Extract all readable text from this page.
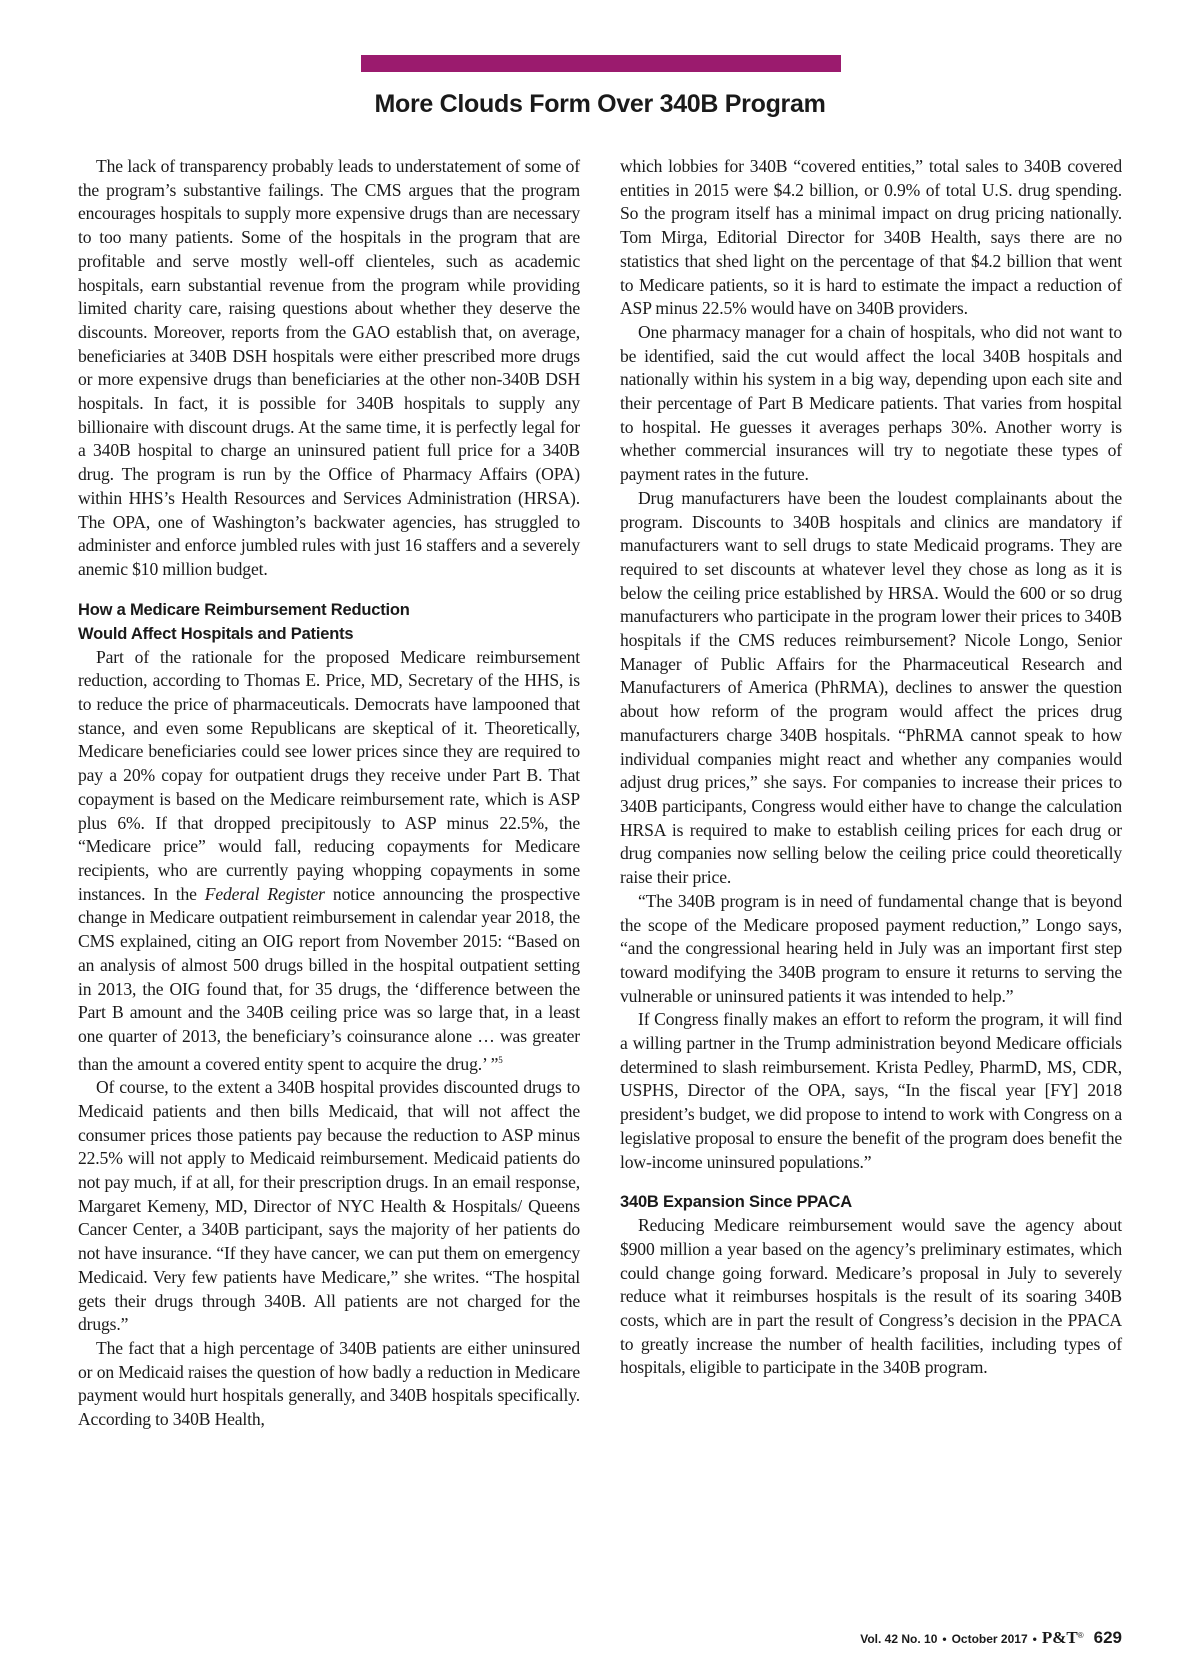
More Clouds Form Over 340B Program

The lack of transparency probably leads to understatement of some of the program’s substantive failings. The CMS argues that the program encourages hospitals to supply more expensive drugs than are necessary to too many patients. Some of the hospitals in the program that are profitable and serve mostly well-off clienteles, such as academic hospitals, earn substantial revenue from the program while providing limited charity care, raising questions about whether they deserve the discounts. Moreover, reports from the GAO establish that, on average, beneficiaries at 340B DSH hospitals were either prescribed more drugs or more expensive drugs than beneficiaries at the other non-340B DSH hospitals. In fact, it is possible for 340B hospitals to supply any billionaire with discount drugs. At the same time, it is perfectly legal for a 340B hospital to charge an uninsured patient full price for a 340B drug. The program is run by the Office of Pharmacy Affairs (OPA) within HHS’s Health Resources and Services Administration (HRSA). The OPA, one of Washington’s backwater agencies, has struggled to administer and enforce jumbled rules with just 16 staffers and a severely anemic $10 million budget.

How a Medicare Reimbursement Reduction
Would Affect Hospitals and Patients

Part of the rationale for the proposed Medicare reimbursement reduction, according to Thomas E. Price, MD, Secretary of the HHS, is to reduce the price of pharmaceuticals. Democrats have lampooned that stance, and even some Republicans are skeptical of it. Theoretically, Medicare beneficiaries could see lower prices since they are required to pay a 20% copay for outpatient drugs they receive under Part B. That copayment is based on the Medicare reimbursement rate, which is ASP plus 6%. If that dropped precipitously to ASP minus 22.5%, the “Medicare price” would fall, reducing copayments for Medicare recipients, who are currently paying whopping copayments in some instances. In the Federal Register notice announcing the prospective change in Medicare outpatient reimbursement in calendar year 2018, the CMS explained, citing an OIG report from November 2015: “Based on an analysis of almost 500 drugs billed in the hospital outpatient setting in 2013, the OIG found that, for 35 drugs, the ‘difference between the Part B amount and the 340B ceiling price was so large that, in a least one quarter of 2013, the beneficiary’s coinsurance alone … was greater than the amount a covered entity spent to acquire the drug.’ ”$^5$

Of course, to the extent a 340B hospital provides discounted drugs to Medicaid patients and then bills Medicaid, that will not affect the consumer prices those patients pay because the reduction to ASP minus 22.5% will not apply to Medicaid reimbursement. Medicaid patients do not pay much, if at all, for their prescription drugs. In an email response, Margaret Kemeny, MD, Director of NYC Health & Hospitals/ Queens Cancer Center, a 340B participant, says the majority of her patients do not have insurance. “If they have cancer, we can put them on emergency Medicaid. Very few patients have Medicare,” she writes. “The hospital gets their drugs through 340B. All patients are not charged for the drugs.”

The fact that a high percentage of 340B patients are either uninsured or on Medicaid raises the question of how badly a reduction in Medicare payment would hurt hospitals generally, and 340B hospitals specifically. According to 340B Health,

which lobbies for 340B “covered entities,” total sales to 340B covered entities in 2015 were $4.2 billion, or 0.9% of total U.S. drug spending. So the program itself has a minimal impact on drug pricing nationally. Tom Mirga, Editorial Director for 340B Health, says there are no statistics that shed light on the percentage of that $4.2 billion that went to Medicare patients, so it is hard to estimate the impact a reduction of ASP minus 22.5% would have on 340B providers.

One pharmacy manager for a chain of hospitals, who did not want to be identified, said the cut would affect the local 340B hospitals and nationally within his system in a big way, depending upon each site and their percentage of Part B Medicare patients. That varies from hospital to hospital. He guesses it averages perhaps 30%. Another worry is whether commercial insurances will try to negotiate these types of payment rates in the future.

Drug manufacturers have been the loudest complainants about the program. Discounts to 340B hospitals and clinics are mandatory if manufacturers want to sell drugs to state Medicaid programs. They are required to set discounts at whatever level they chose as long as it is below the ceiling price established by HRSA. Would the 600 or so drug manufacturers who participate in the program lower their prices to 340B hospitals if the CMS reduces reimbursement? Nicole Longo, Senior Manager of Public Affairs for the Pharmaceutical Research and Manufacturers of America (PhRMA), declines to answer the question about how reform of the program would affect the prices drug manufacturers charge 340B hospitals. “PhRMA cannot speak to how individual companies might react and whether any companies would adjust drug prices,” she says. For companies to increase their prices to 340B participants, Congress would either have to change the calculation HRSA is required to make to establish ceiling prices for each drug or drug companies now selling below the ceiling price could theoretically raise their price.

“The 340B program is in need of fundamental change that is beyond the scope of the Medicare proposed payment reduction,” Longo says, “and the congressional hearing held in July was an important first step toward modifying the 340B program to ensure it returns to serving the vulnerable or uninsured patients it was intended to help.”

If Congress finally makes an effort to reform the program, it will find a willing partner in the Trump administration beyond Medicare officials determined to slash reimbursement. Krista Pedley, PharmD, MS, CDR, USPHS, Director of the OPA, says, “In the fiscal year [FY] 2018 president’s budget, we did propose to intend to work with Congress on a legislative proposal to ensure the benefit of the program does benefit the low-income uninsured populations.”

340B Expansion Since PPACA

Reducing Medicare reimbursement would save the agency about $900 million a year based on the agency’s preliminary estimates, which could change going forward. Medicare’s proposal in July to severely reduce what it reimburses hospitals is the result of its soaring 340B costs, which are in part the result of Congress’s decision in the PPACA to greatly increase the number of health facilities, including types of hospitals, eligible to participate in the 340B program.

Vol. 42 No. 10 • October 2017 • P&T® 629
